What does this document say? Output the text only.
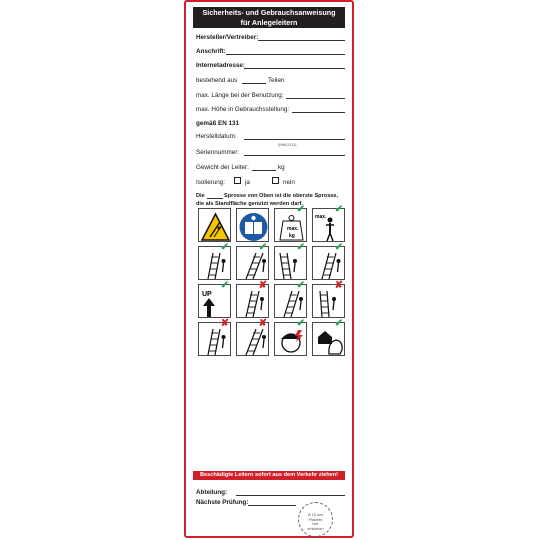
Sicherheits- und Gebrauchsanweisung
für Anlegeleitern
Hersteller/Vertreiber:
Anschrift:
Internetadresse:
bestehend aus	Teilen
max. Länge bei der Benutzung:
max. Höhe in Gebrauchsstellung:
gemäß EN 131
Herstelldatum:
(MM/JJJJ)
Seriennummer:
Gewicht der Leiter:	kg
Isolierung:	ja	nein
Die	Sprosse von Oben ist die oberste Sprosse,
die als Standfläche genutzt werden darf.
max.
kg
✔
max.
✔
✔	✔	✔	✔
UP
✔	✘	✔	✘
✘	✘	✔	✔
Beschädigte Leitern sofort aus dem Verkehr ziehen!
Abteilung:
Nächste Prüfung:
Ø 15 mm
Plakette
hier
einkleben
